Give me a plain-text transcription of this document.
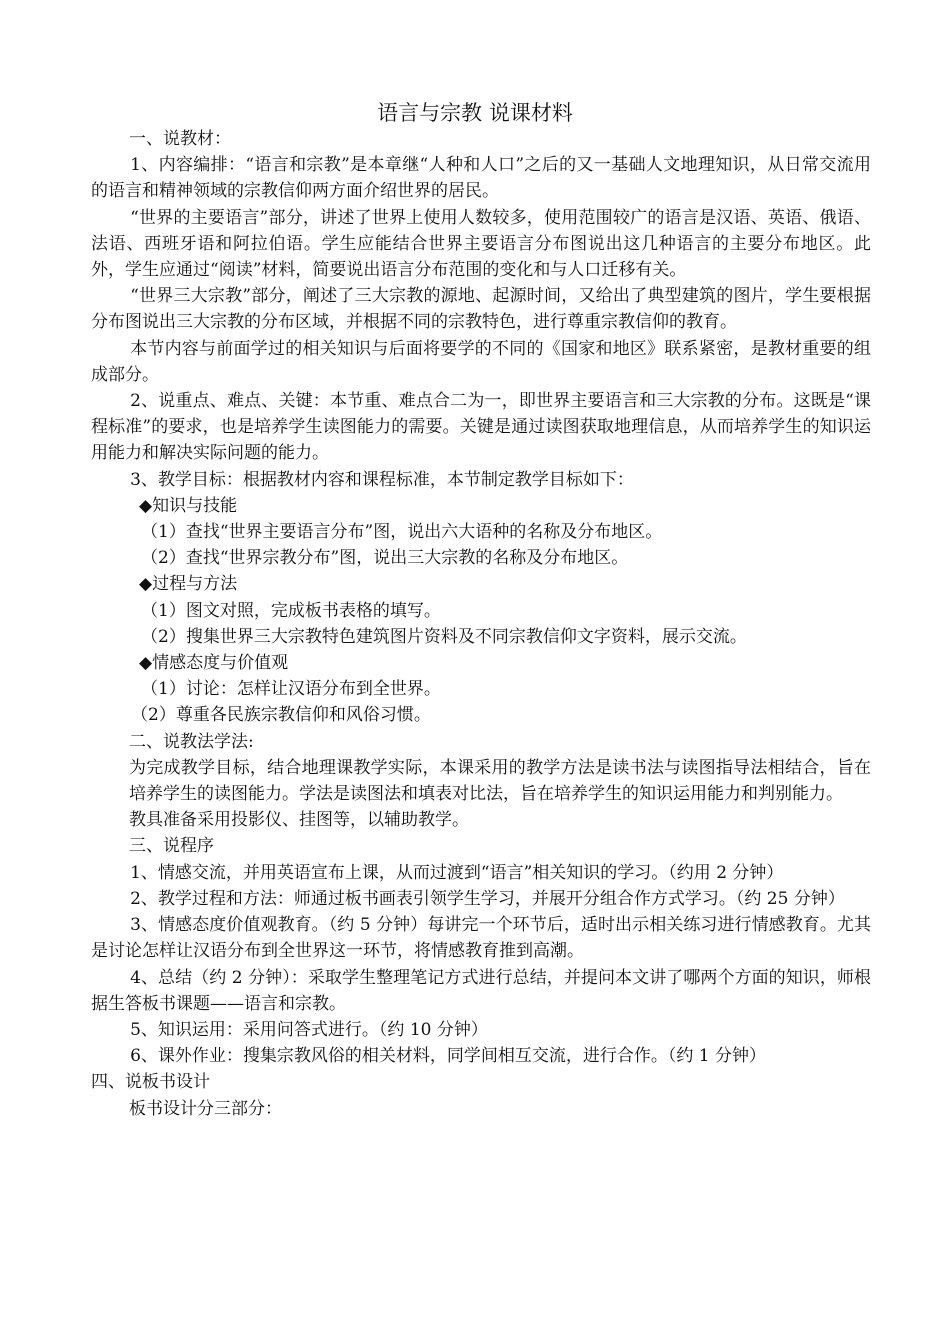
语言与宗教 说课材料

一、说教材：

1、内容编排：“语言和宗教”是本章继“人种和人口”之后的又一基础人文地理知识，从日常交流用的语言和精神领域的宗教信仰两方面介绍世界的居民。

“世界的主要语言”部分，讲述了世界上使用人数较多，使用范围较广的语言是汉语、英语、俄语、法语、西班牙语和阿拉伯语。学生应能结合世界主要语言分布图说出这几种语言的主要分布地区。此外，学生应通过“阅读”材料，简要说出语言分布范围的变化和与人口迁移有关。

“世界三大宗教”部分，阐述了三大宗教的源地、起源时间，又给出了典型建筑的图片，学生要根据分布图说出三大宗教的分布区域，并根据不同的宗教特色，进行尊重宗教信仰的教育。

本节内容与前面学过的相关知识与后面将要学的不同的《国家和地区》联系紧密，是教材重要的组成部分。

2、说重点、难点、关键：本节重、难点合二为一，即世界主要语言和三大宗教的分布。这既是“课程标准”的要求，也是培养学生读图能力的需要。关键是通过读图获取地理信息，从而培养学生的知识运用能力和解决实际问题的能力。

3、教学目标：根据教材内容和课程标准，本节制定教学目标如下：

◆知识与技能

（1）查找“世界主要语言分布”图，说出六大语种的名称及分布地区。

（2）查找“世界宗教分布”图，说出三大宗教的名称及分布地区。

◆过程与方法

（1）图文对照，完成板书表格的填写。

（2）搜集世界三大宗教特色建筑图片资料及不同宗教信仰文字资料，展示交流。

◆情感态度与价值观

（1）讨论：怎样让汉语分布到全世界。

（2）尊重各民族宗教信仰和风俗习惯。

二、说教法学法:

为完成教学目标，结合地理课教学实际，本课采用的教学方法是读书法与读图指导法相结合，旨在培养学生的读图能力。学法是读图法和填表对比法，旨在培养学生的知识运用能力和判别能力。

教具准备采用投影仪、挂图等，以辅助教学。

三、说程序

1、情感交流，并用英语宣布上课，从而过渡到“语言”相关知识的学习。（约用 2 分钟）

2、教学过程和方法：师通过板书画表引领学生学习，并展开分组合作方式学习。（约 25 分钟）

3、情感态度价值观教育。（约 5 分钟）每讲完一个环节后，适时出示相关练习进行情感教育。尤其是讨论怎样让汉语分布到全世界这一环节，将情感教育推到高潮。

4、总结（约 2 分钟）：采取学生整理笔记方式进行总结，并提问本文讲了哪两个方面的知识，师根据生答板书课题——语言和宗教。

5、知识运用：采用问答式进行。（约 10 分钟）

6、课外作业：搜集宗教风俗的相关材料，同学间相互交流，进行合作。（约 1 分钟）

四、说板书设计

板书设计分三部分：
